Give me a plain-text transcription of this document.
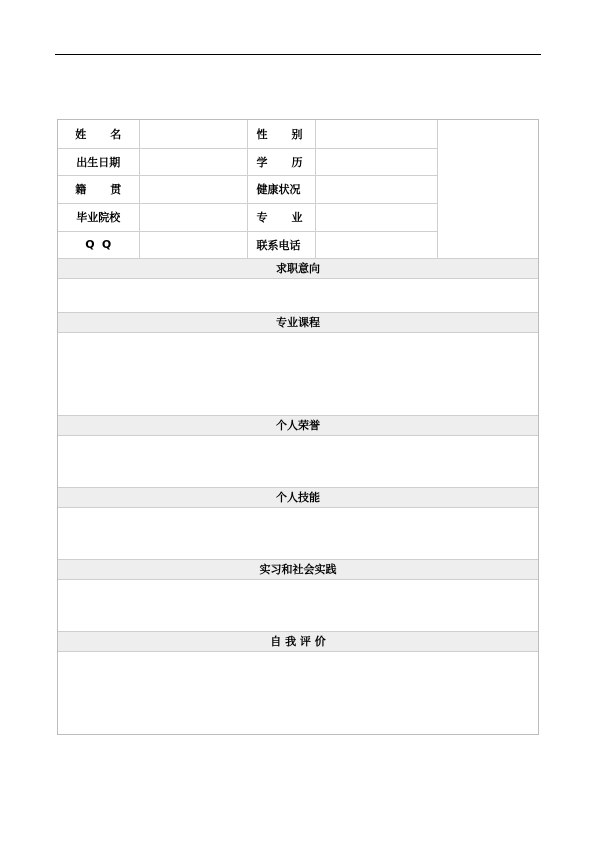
姓 名		性 别		
出生日期		学 历		
籍 贯		健康状况		
毕业院校		专 业		
Q Q		联系电话		
求职意向
专业课程
个人荣誉
个人技能
实习和社会实践
自 我 评 价
